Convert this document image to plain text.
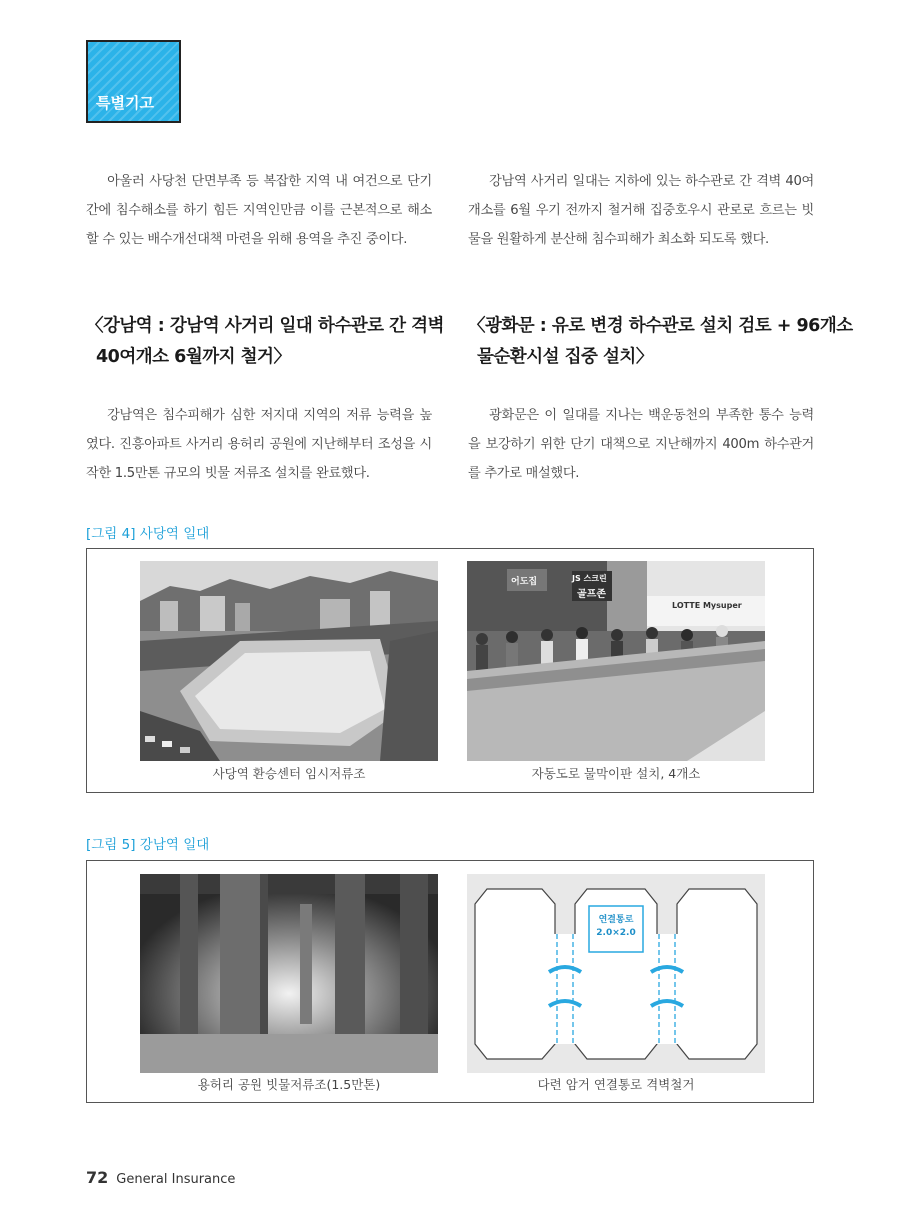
특별기고

아울러 사당천 단면부족 등 복잡한 지역 내 여건으로 단기간에 침수해소를 하기 힘든 지역인만큼 이를 근본적으로 해소할 수 있는 배수개선대책 마련을 위해 용역을 추진 중이다.

〈강남역 : 강남역 사거리 일대 하수관로 간 격벽

40여개소 6월까지 철거〉

강남역은 침수피해가 심한 저지대 지역의 저류 능력을 높였다. 진흥아파트 사거리 용허리 공원에 지난해부터 조성을 시작한 1.5만톤 규모의 빗물 저류조 설치를 완료했다.

강남역 사거리 일대는 지하에 있는 하수관로 간 격벽 40여개소를 6월 우기 전까지 철거해 집중호우시 관로로 흐르는 빗물을 원활하게 분산해 침수피해가 최소화 되도록 했다.

〈광화문 : 유로 변경 하수관로 설치 검토 + 96개소

물순환시설 집중 설치〉

광화문은 이 일대를 지나는 백운동천의 부족한 통수 능력을 보강하기 위한 단기 대책으로 지난해까지 400m 하수관거를 추가로 매설했다.

[그림 4] 사당역 일대
JS 스크린
골프존
어도집
LOTTE Mysuper
사당역 환승센터 임시저류조	자동도로 물막이판 설치, 4개소
[그림 5] 강남역 일대
연결통로
2.0×2.0
용허리 공원 빗물저류조(1.5만톤)	다련 암거 연결통로 격벽철거
72 General Insurance
